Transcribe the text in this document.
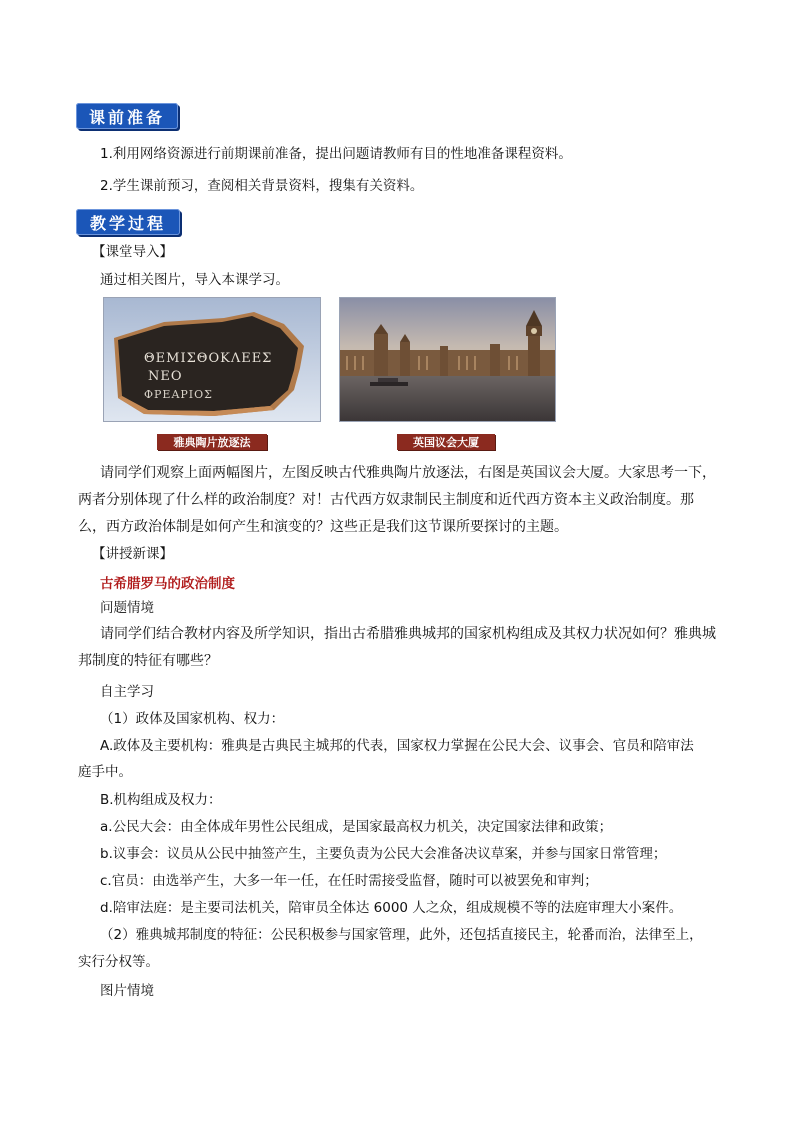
课前准备
1.利用网络资源进行前期课前准备，提出问题请教师有目的性地准备课程资料。
2.学生课前预习，查阅相关背景资料，搜集有关资料。
教学过程
【课堂导入】
通过相关图片，导入本课学习。
ΘΕΜΙΣΘΟΚΛΕΕΣ
ΝΕΟ
ΦΡΕΑΡΙΟΣ
雅典陶片放逐法	英国议会大厦
请同学们观察上面两幅图片，左图反映古代雅典陶片放逐法，右图是英国议会大厦。大家思考一下，两者分别体现了什么样的政治制度？对！古代西方奴隶制民主制度和近代西方资本主义政治制度。那么，西方政治体制是如何产生和演变的？这些正是我们这节课所要探讨的主题。
【讲授新课】
古希腊罗马的政治制度
问题情境
请同学们结合教材内容及所学知识，指出古希腊雅典城邦的国家机构组成及其权力状况如何？雅典城邦制度的特征有哪些？
自主学习
（1）政体及国家机构、权力：
A.政体及主要机构：雅典是古典民主城邦的代表，国家权力掌握在公民大会、议事会、官员和陪审法
庭手中。
B.机构组成及权力：
a.公民大会：由全体成年男性公民组成，是国家最高权力机关，决定国家法律和政策；
b.议事会：议员从公民中抽签产生，主要负责为公民大会准备决议草案，并参与国家日常管理；
c.官员：由选举产生，大多一年一任，在任时需接受监督，随时可以被罢免和审判；
d.陪审法庭：是主要司法机关，陪审员全体达 6000 人之众，组成规模不等的法庭审理大小案件。
（2）雅典城邦制度的特征：公民积极参与国家管理，此外，还包括直接民主，轮番而治，法律至上，
实行分权等。
图片情境
